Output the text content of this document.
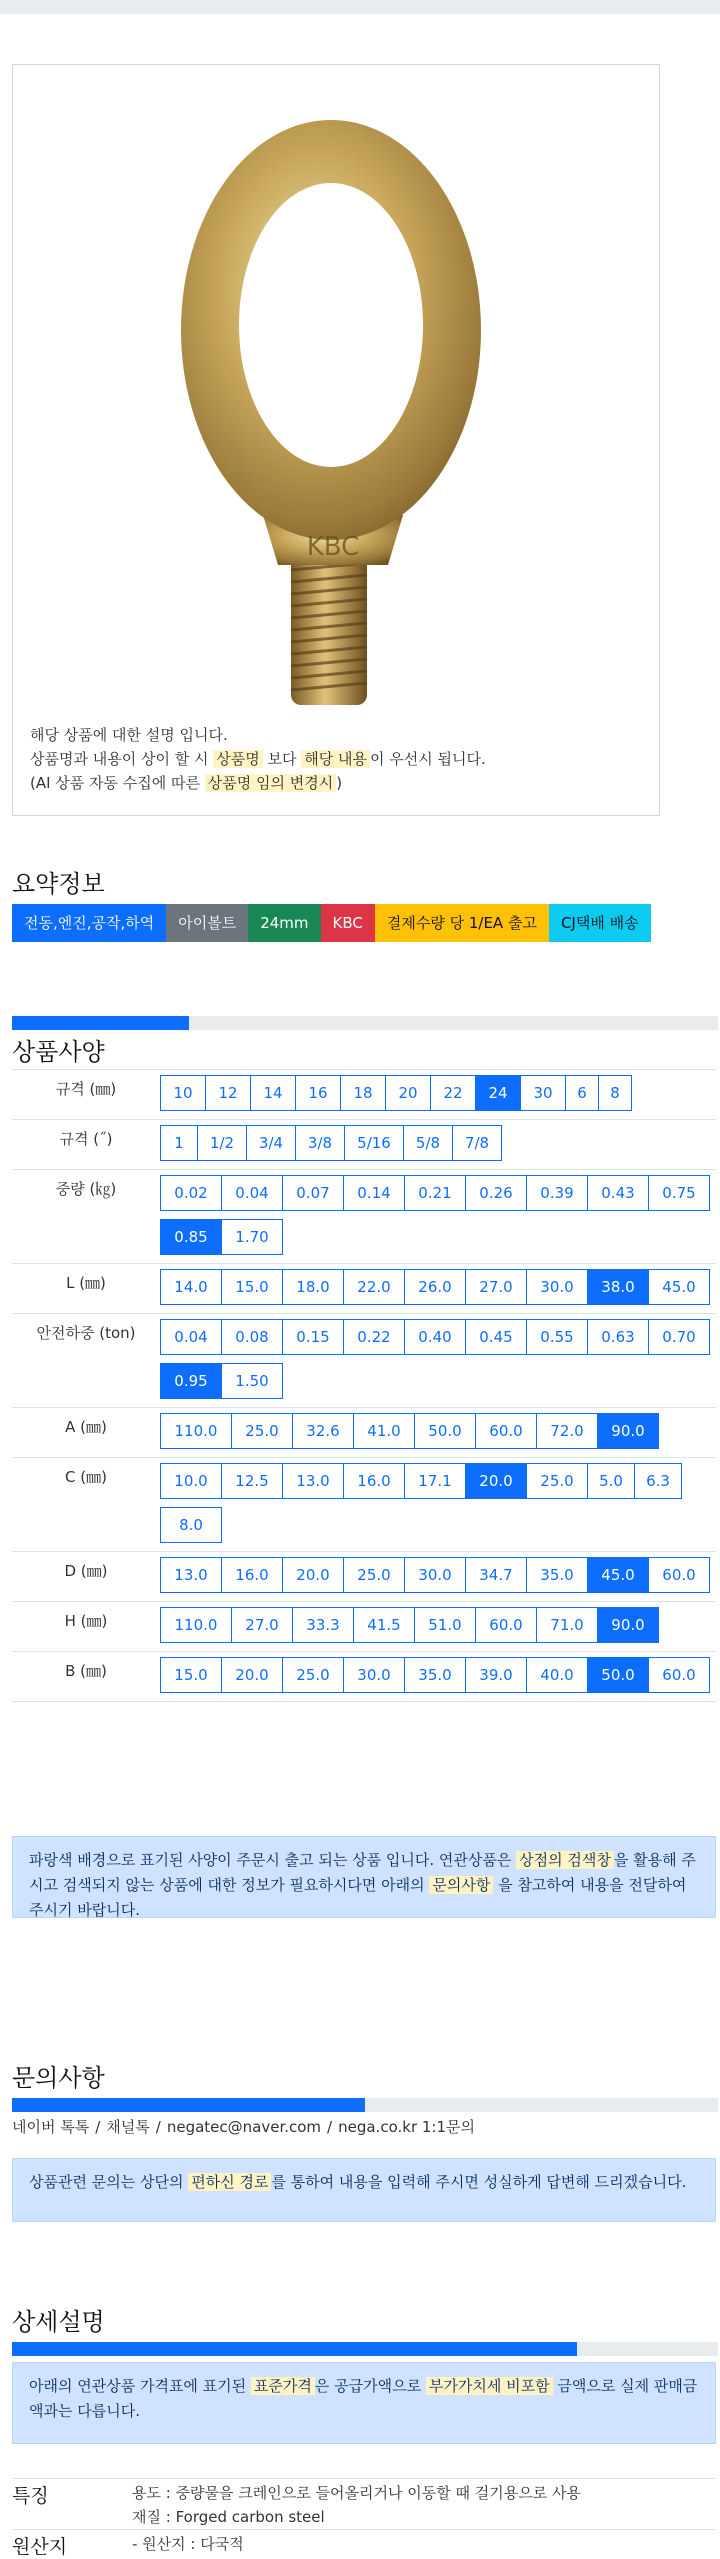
KBC
해당 상품에 대한 설명 입니다.
상품명과 내용이 상이 할 시 상품명 보다 해당 내용 이 우선시 됩니다.
(AI 상품 자동 수집에 따른 상품명 임의 변경시 )
요약정보
전동,엔진,공작,하역	아이볼트	24mm	KBC	결제수량 당 1/EA 출고	CJ택배 배송
상품사양
규격 (㎜)	10	12	14	16	18	20	22	24	30	6	8
규격 (˝)	1	1/2	3/4	3/8	5/16	5/8	7/8
중량 (㎏)	0.02	0.04	0.07	0.14	0.21	0.26	0.39	0.43	0.75
0.85	1.70
L (㎜)	14.0	15.0	18.0	22.0	26.0	27.0	30.0	38.0	45.0
안전하중 (ton)	0.04	0.08	0.15	0.22	0.40	0.45	0.55	0.63	0.70
0.95	1.50
A (㎜)	110.0	25.0	32.6	41.0	50.0	60.0	72.0	90.0
C (㎜)	10.0	12.5	13.0	16.0	17.1	20.0	25.0	5.0	6.3
8.0
D (㎜)	13.0	16.0	20.0	25.0	30.0	34.7	35.0	45.0	60.0
H (㎜)	110.0	27.0	33.3	41.5	51.0	60.0	71.0	90.0
B (㎜)	15.0	20.0	25.0	30.0	35.0	39.0	40.0	50.0	60.0
파랑색 배경으로 표기된 사양이 주문시 출고 되는 상품 입니다. 연관상품은 상점의 검색창 을 활용해 주시고 검색되지 않는 상품에 대한 정보가 필요하시다면 아래의 문의사항 을 참고하여 내용을 전달하여 주시기 바랍니다.
문의사항
네이버 톡톡 / 채널톡 / negatec@naver.com / nega.co.kr 1:1문의
상품관련 문의는 상단의 편하신 경로 를 통하여 내용을 입력해 주시면 성실하게 답변해 드리겠습니다.
상세설명
아래의 연관상품 가격표에 표기된 표준가격 은 공급가액으로 부가가치세 비포함 금액으로 실제 판매금액과는 다릅니다.
특징	용도 : 중량물을 크레인으로 들어올리거나 이동할 때 걸기용으로 사용
재질 : Forged carbon steel
원산지	- 원산지 : 다국적
